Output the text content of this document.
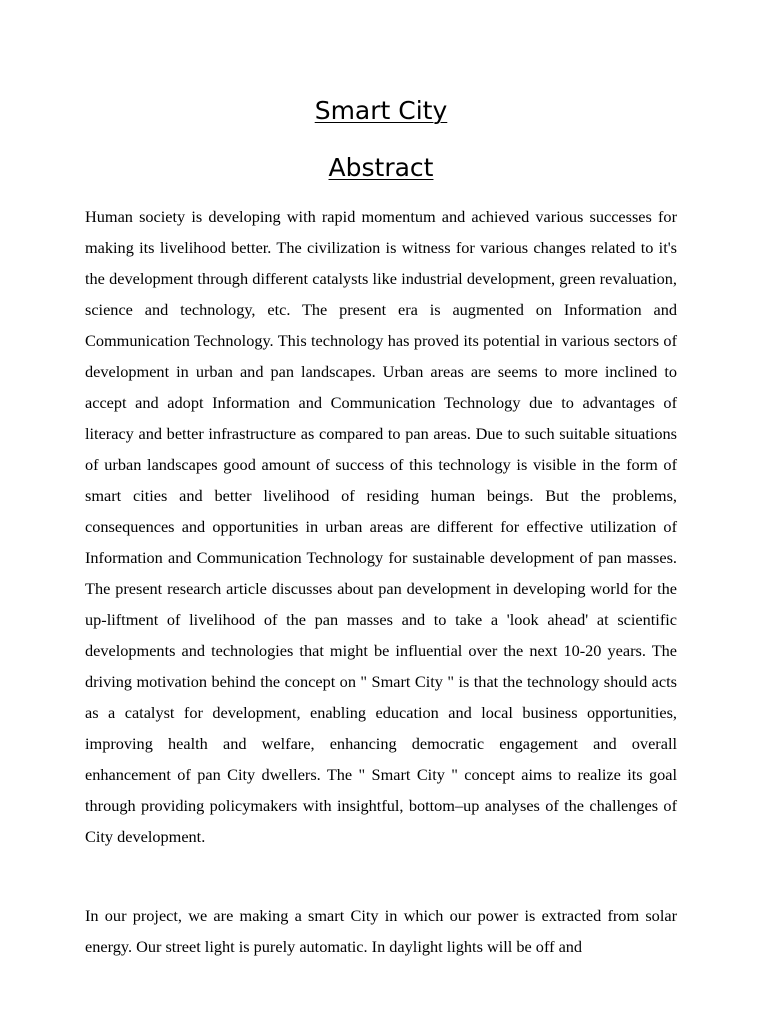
Smart City
Abstract

Human society is developing with rapid momentum and achieved various successes for making its livelihood better. The civilization is witness for various changes related to it's the development through different catalysts like industrial development, green revaluation, science and technology, etc. The present era is augmented on Information and Communication Technology. This technology has proved its potential in various sectors of development in urban and pan landscapes. Urban areas are seems to more inclined to accept and adopt Information and Communication Technology due to advantages of literacy and better infrastructure as compared to pan areas. Due to such suitable situations of urban landscapes good amount of success of this technology is visible in the form of smart cities and better livelihood of residing human beings. But the problems, consequences and opportunities in urban areas are different for effective utilization of Information and Communication Technology for sustainable development of pan masses. The present research article discusses about pan development in developing world for the up-liftment of livelihood of the pan masses and to take a 'look ahead' at scientific developments and technologies that might be influential over the next 10-20 years. The driving motivation behind the concept on " Smart City " is that the technology should acts as a catalyst for development, enabling education and local business opportunities, improving health and welfare, enhancing democratic engagement and overall enhancement of pan City dwellers. The " Smart City " concept aims to realize its goal through providing policymakers with insightful, bottom–up analyses of the challenges of City development.

In our project, we are making a smart City in which our power is extracted from solar energy. Our street light is purely automatic. In daylight lights will be off and
